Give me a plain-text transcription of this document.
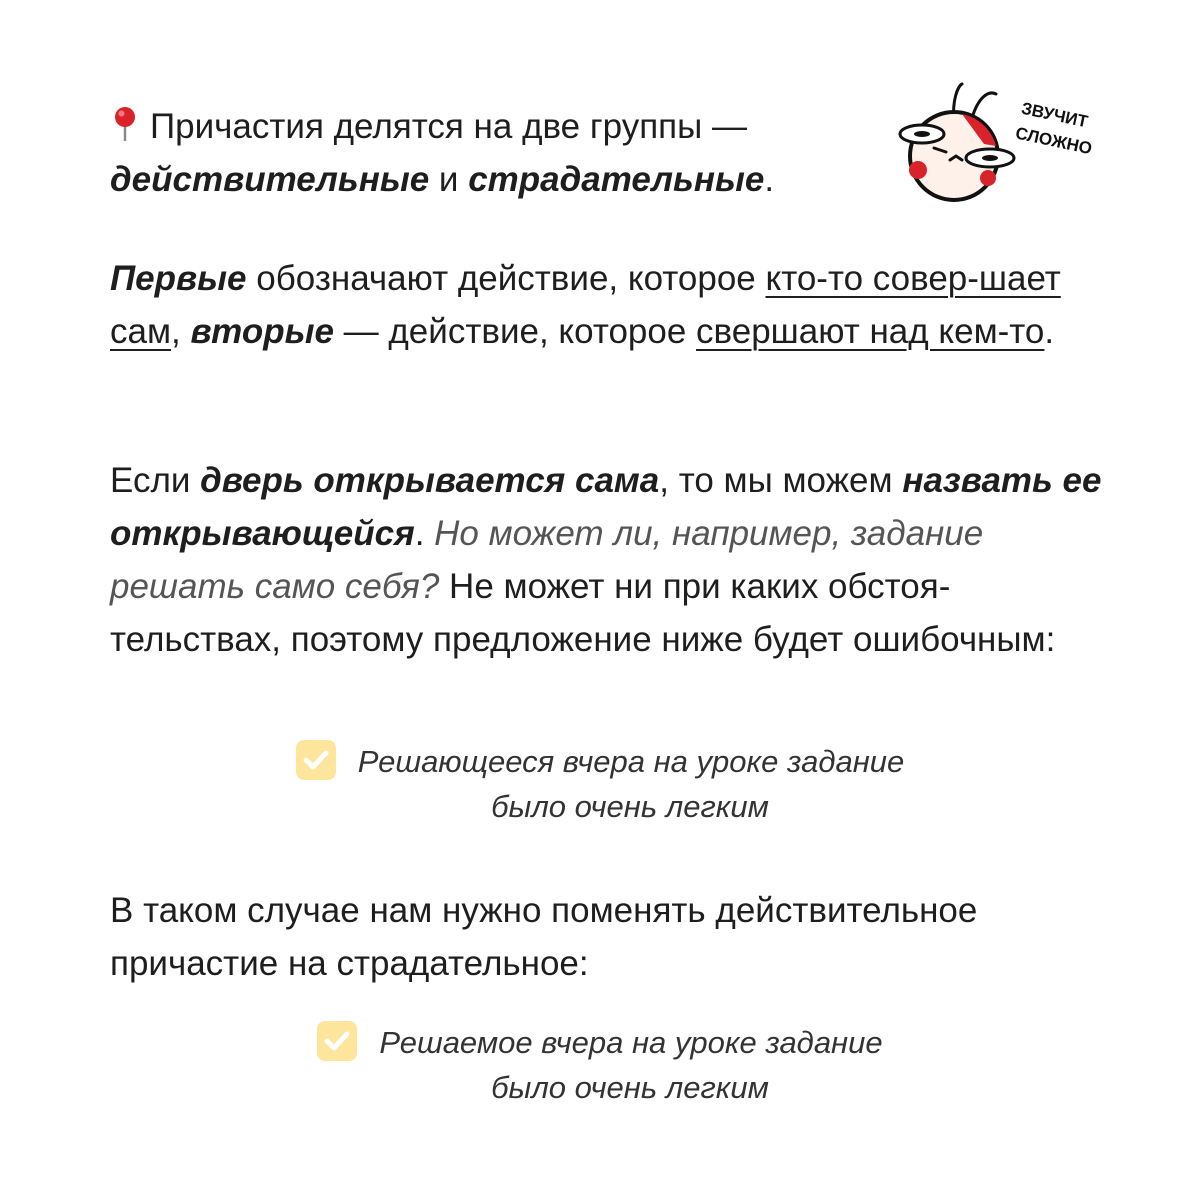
Причастия делятся на две группы — действительные и страдательные.

Первые обозначают действие, которое кто-то совер-шает сам, вторые — действие, которое свершают над кем-то.

Если дверь открывается сама, то мы можем назвать ее открывающейся. Но может ли, например, задание решать само себя? Не может ни при каких обстоя-тельствах, поэтому предложение ниже будет ошибочным:

Решающееся вчера на уроке задание
было очень легким

В таком случае нам нужно поменять действительное причастие на страдательное:

Решаемое вчера на уроке задание
было очень легким
ЗВУЧИТ
СЛОЖНО
